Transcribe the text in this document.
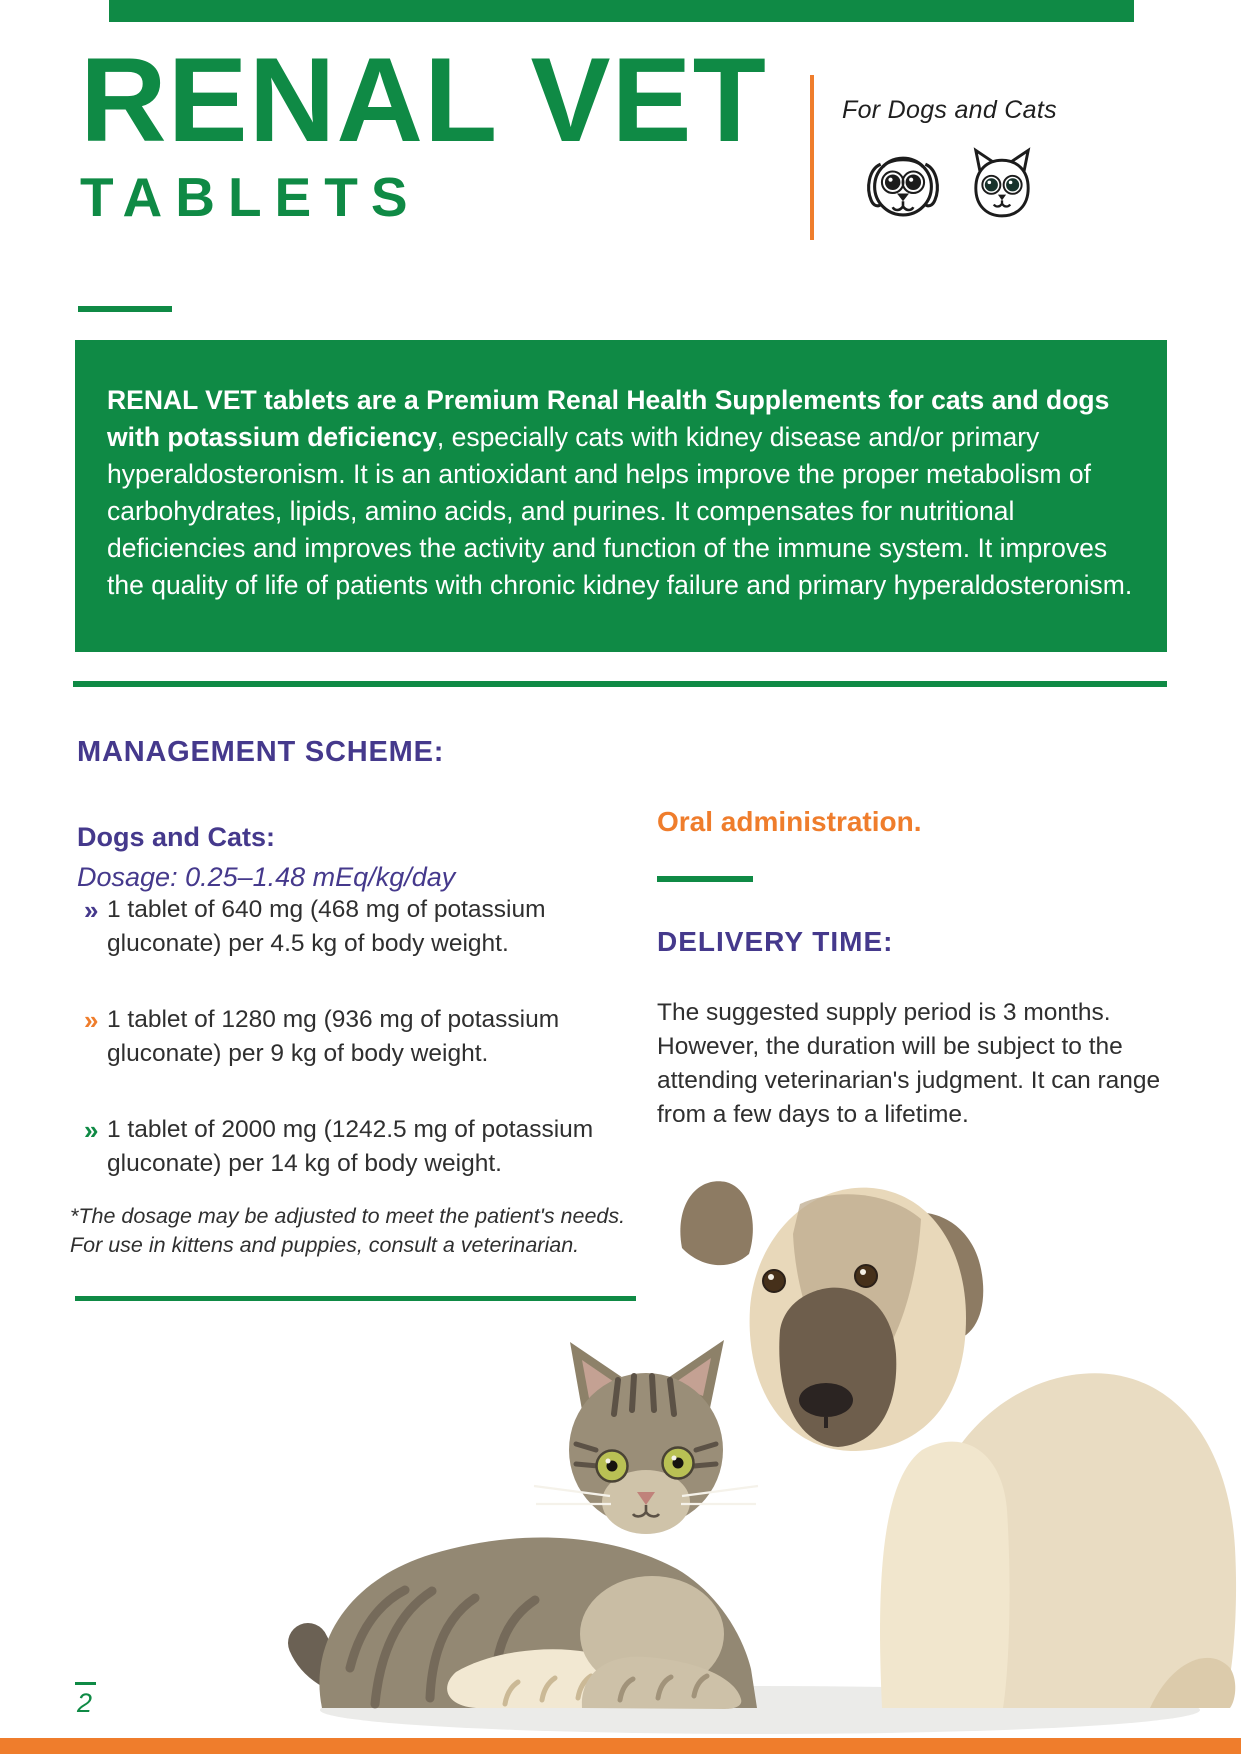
RENAL VET
TABLETS
For Dogs and Cats

RENAL VET tablets are a Premium Renal Health Supplements for cats and dogs with potassium deficiency, especially cats with kidney disease and/or primary hyperaldosteronism. It is an antioxidant and helps improve the proper metabolism of carbohydrates, lipids, amino acids, and purines. It compensates for nutritional deficiencies and improves the activity and function of the immune system. It improves the quality of life of patients with chronic kidney failure and primary hyperaldosteronism.

MANAGEMENT SCHEME:
Dogs and Cats:
Dosage: 0.25–1.48 mEq/kg/day
» 1 tablet of 640 mg (468 mg of potassium gluconate) per 4.5 kg of body weight.
» 1 tablet of 1280 mg (936 mg of potassium gluconate) per 9 kg of body weight.
» 1 tablet of 2000 mg (1242.5 mg of potassium gluconate) per 14 kg of body weight.

*The dosage may be adjusted to meet the patient's needs. For use in kittens and puppies, consult a veterinarian.

Oral administration.
DELIVERY TIME:

The suggested supply period is 3 months. However, the duration will be subject to the attending veterinarian's judgment. It can range from a few days to a lifetime.

2
